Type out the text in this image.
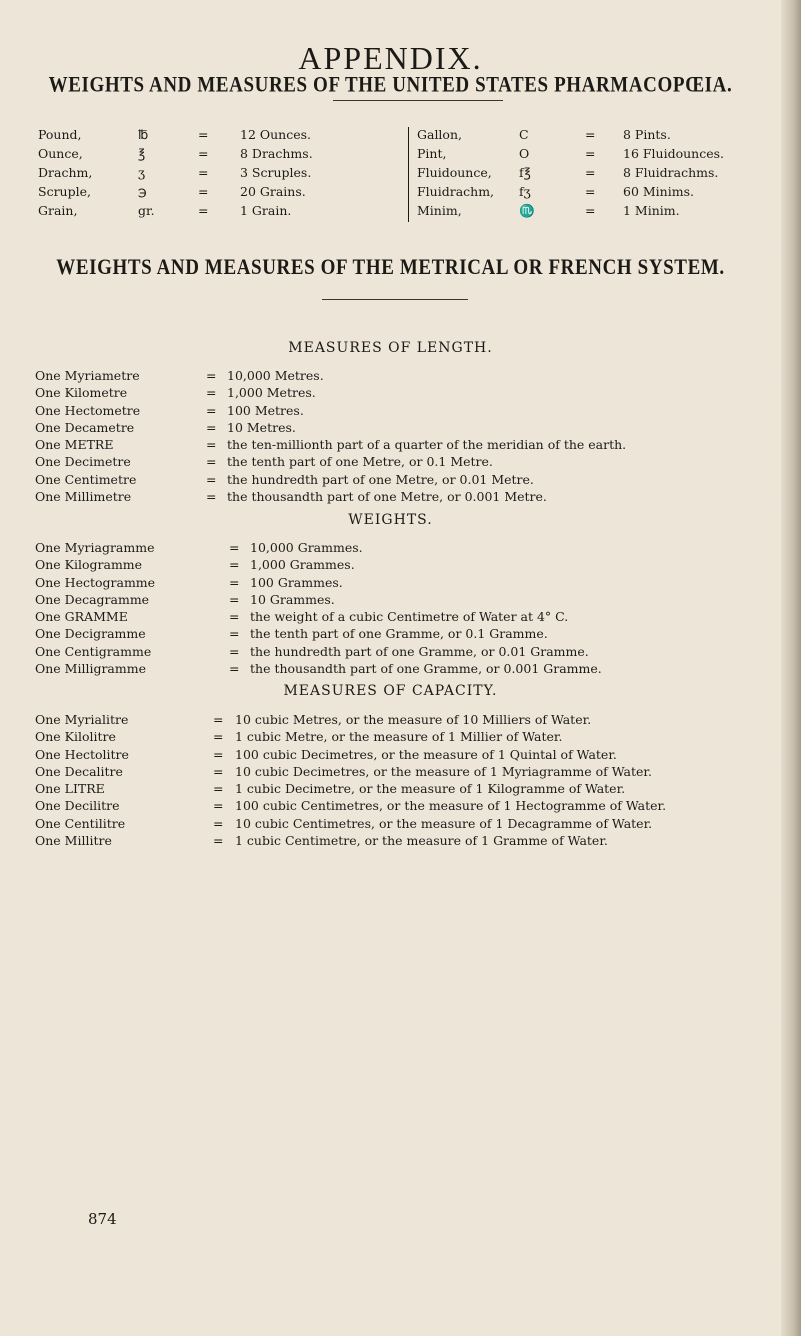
APPENDIX.
WEIGHTS AND MEASURES OF THE UNITED STATES PHARMACOPŒIA.
Pound,	℔	=	12 Ounces.	Gallon,	C	= 8 Pints.
Ounce,	℥	=	8 Drachms.	Pint,	O	= 16 Fluidounces.
Drachm,	ʒ	=	3 Scruples.	Fluidounce, f℥	= 8 Fluidrachms.
Scruple,	℈	=	20 Grains.	Fluidrachm, fʒ	= 60 Minims.
Grain,	gr.	=	1 Grain.	Minim,	♏	= 1 Minim.
WEIGHTS AND MEASURES OF THE METRICAL OR FRENCH SYSTEM.
MEASURES OF LENGTH.
One Myriametre	= 10,000 Metres.
One Kilometre	= 1,000 Metres.
One Hectometre	= 100 Metres.
One Decametre	= 10 Metres.
One METRE	= the ten-millionth part of a quarter of the meridian of the earth.
One Decimetre	= the tenth part of one Metre, or 0.1 Metre.
One Centimetre	= the hundredth part of one Metre, or 0.01 Metre.
One Millimetre	= the thousandth part of one Metre, or 0.001 Metre.
WEIGHTS.
One Myriagramme	= 10,000 Grammes.
One Kilogramme	= 1,000 Grammes.
One Hectogramme	= 100 Grammes.
One Decagramme	= 10 Grammes.
One GRAMME	= the weight of a cubic Centimetre of Water at 4° C.
One Decigramme	= the tenth part of one Gramme, or 0.1 Gramme.
One Centigramme	= the hundredth part of one Gramme, or 0.01 Gramme.
One Milligramme	= the thousandth part of one Gramme, or 0.001 Gramme.
MEASURES OF CAPACITY.
One Myrialitre	= 10 cubic Metres, or the measure of 10 Milliers of Water.
One Kilolitre	= 1 cubic Metre, or the measure of 1 Millier of Water.
One Hectolitre	= 100 cubic Decimetres, or the measure of 1 Quintal of Water.
One Decalitre	= 10 cubic Decimetres, or the measure of 1 Myriagramme of Water.
One LITRE	= 1 cubic Decimetre, or the measure of 1 Kilogramme of Water.
One Decilitre	= 100 cubic Centimetres, or the measure of 1 Hectogramme of Water.
One Centilitre	= 10 cubic Centimetres, or the measure of 1 Decagramme of Water.
One Millitre	= 1 cubic Centimetre, or the measure of 1 Gramme of Water.
874
